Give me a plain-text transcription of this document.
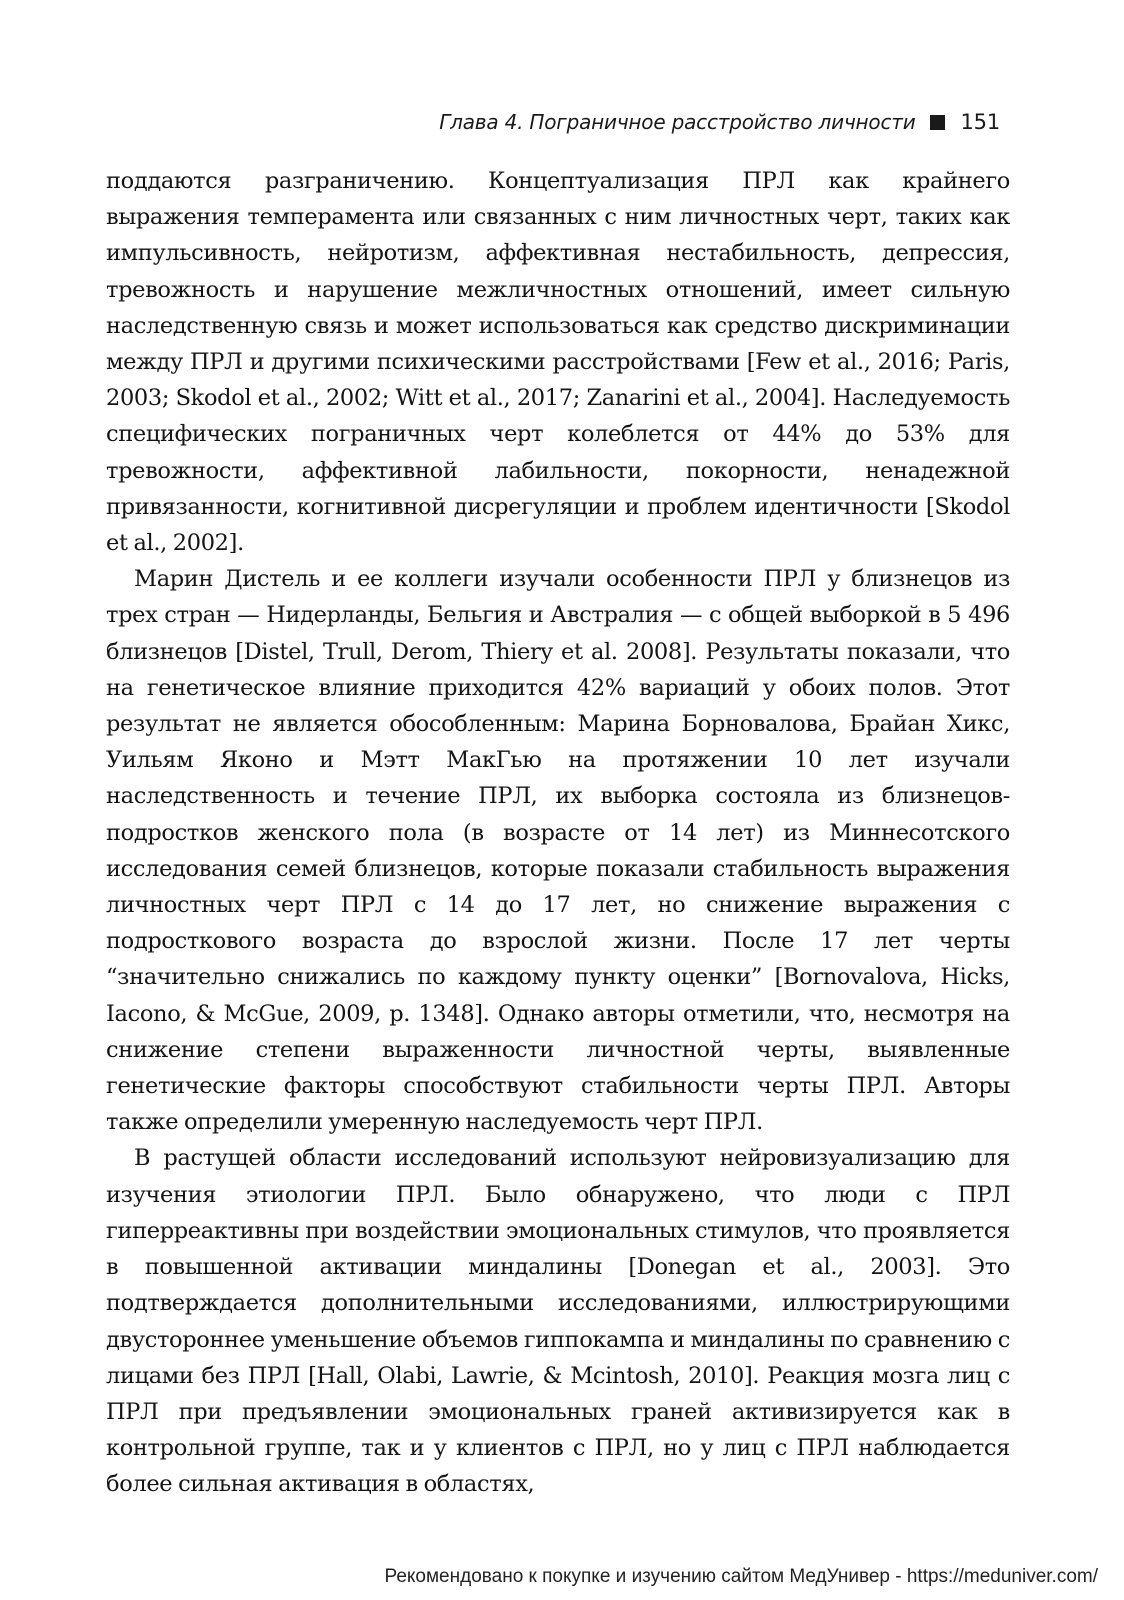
Глава 4. Пограничное расстройство личности 151

поддаются разграничению. Концептуализация ПРЛ как крайнего выражения темперамента или связанных с ним личностных черт, таких как импульсивность, нейротизм, аффективная нестабильность, депрессия, тревожность и нарушение межличностных отношений, имеет сильную наследственную связь и может использоваться как средство дискриминации между ПРЛ и другими психическими расстройствами [Few et al., 2016; Paris, 2003; Skodol et al., 2002; Witt et al., 2017; Zanarini et al., 2004]. Наследуемость специфических пограничных черт колеблется от 44% до 53% для тревожности, аффективной лабильности, покорности, ненадежной привязанности, когнитивной дисрегуляции и проблем идентичности [Skodol et al., 2002].

Марин Дистель и ее коллеги изучали особенности ПРЛ у близнецов из трех стран — Нидерланды, Бельгия и Австралия — с общей выборкой в 5 496 близнецов [Distel, Trull, Derom, Thiery et al. 2008]. Результаты показали, что на генетическое влияние приходится 42% вариаций у обоих полов. Этот результат не является обособленным: Марина Борновалова, Брайан Хикс, Уильям Яконо и Мэтт МакГью на протяжении 10 лет изучали наследственность и течение ПРЛ, их выборка состояла из близнецов-подростков женского пола (в возрасте от 14 лет) из Миннесотского исследования семей близнецов, которые показали стабильность выражения личностных черт ПРЛ с 14 до 17 лет, но снижение выражения с подросткового возраста до взрослой жизни. После 17 лет черты “значительно снижались по каждому пункту оценки” [Bornovalova, Hicks, Iacono, & McGue, 2009, p. 1348]. Однако авторы отметили, что, несмотря на снижение степени выраженности личностной черты, выявленные генетические факторы способствуют стабильности черты ПРЛ. Авторы также определили умеренную наследуемость черт ПРЛ.

В растущей области исследований используют нейровизуализацию для изучения этиологии ПРЛ. Было обнаружено, что люди с ПРЛ гиперреактивны при воздействии эмоциональных стимулов, что проявляется в повышенной активации миндалины [Donegan et al., 2003]. Это подтверждается дополнительными исследованиями, иллюстрирующими двустороннее уменьшение объемов гиппокампа и миндалины по сравнению с лицами без ПРЛ [Hall, Olabi, Lawrie, & Mcintosh, 2010]. Реакция мозга лиц с ПРЛ при предъявлении эмоциональных граней активизируется как в контрольной группе, так и у клиентов с ПРЛ, но у лиц с ПРЛ наблюдается более сильная активация в областях,

Рекомендовано к покупке и изучению сайтом МедУнивер - https://meduniver.com/
